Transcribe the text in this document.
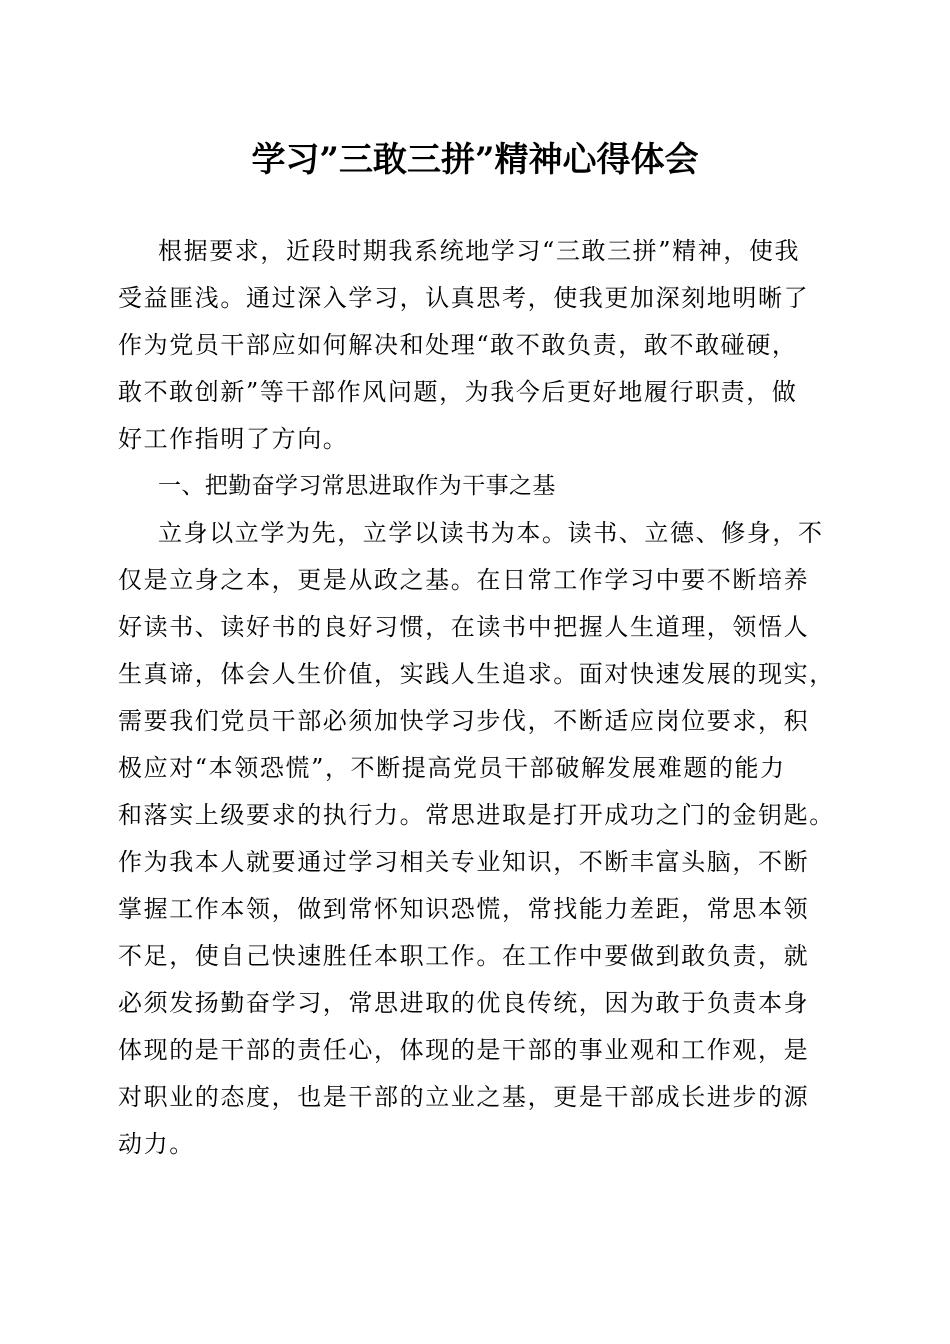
学习”三敢三拼”精神心得体会
根据要求，近段时期我系统地学习“三敢三拼”精神，使我
受益匪浅。通过深入学习，认真思考，使我更加深刻地明晰了
作为党员干部应如何解决和处理“敢不敢负责，敢不敢碰硬，
敢不敢创新”等干部作风问题，为我今后更好地履行职责，做
好工作指明了方向。
一、把勤奋学习常思进取作为干事之基
立身以立学为先，立学以读书为本。读书、立德、修身，不
仅是立身之本，更是从政之基。在日常工作学习中要不断培养
好读书、读好书的良好习惯，在读书中把握人生道理，领悟人
生真谛，体会人生价值，实践人生追求。面对快速发展的现实，
需要我们党员干部必须加快学习步伐，不断适应岗位要求，积
极应对“本领恐慌”，不断提高党员干部破解发展难题的能力
和落实上级要求的执行力。常思进取是打开成功之门的金钥匙。
作为我本人就要通过学习相关专业知识，不断丰富头脑，不断
掌握工作本领，做到常怀知识恐慌，常找能力差距，常思本领
不足，使自己快速胜任本职工作。在工作中要做到敢负责，就
必须发扬勤奋学习，常思进取的优良传统，因为敢于负责本身
体现的是干部的责任心，体现的是干部的事业观和工作观，是
对职业的态度，也是干部的立业之基，更是干部成长进步的源
动力。
